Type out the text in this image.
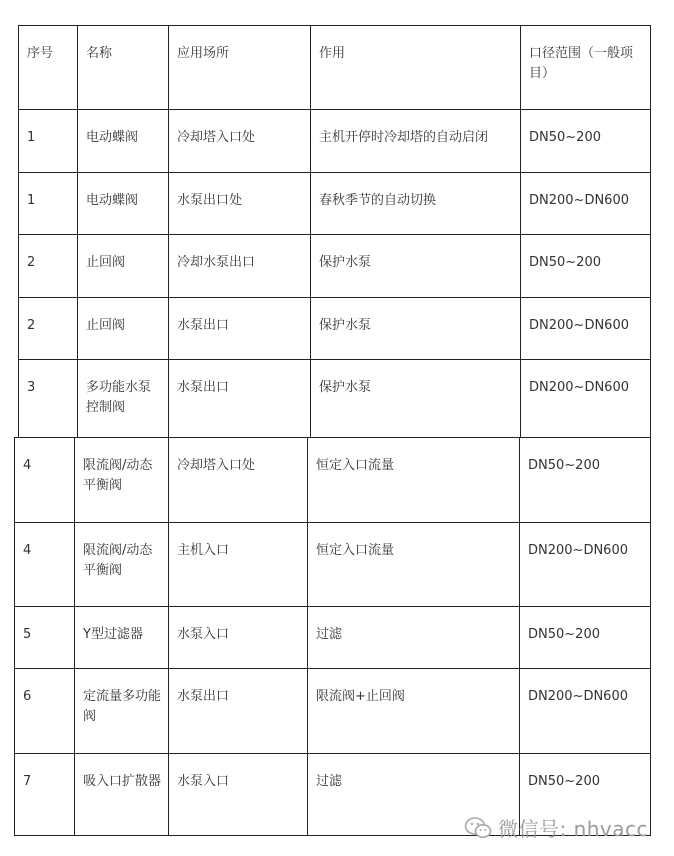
序号	名称	应用场所	作用	口径范围（一般项目）
1	电动蝶阀	冷却塔入口处	主机开停时冷却塔的自动启闭	DN50~200
1	电动蝶阀	水泵出口处	春秋季节的自动切换	DN200~DN600
2	止回阀	冷却水泵出口	保护水泵	DN50~200
2	止回阀	水泵出口	保护水泵	DN200~DN600
3	多功能水泵控制阀	水泵出口	保护水泵	DN200~DN600
4	限流阀/动态平衡阀	冷却塔入口处	恒定入口流量	DN50~200
4	限流阀/动态平衡阀	主机入口	恒定入口流量	DN200~DN600
5	Y型过滤器	水泵入口	过滤	DN50~200
6	定流量多功能阀	水泵出口	限流阀+止回阀	DN200~DN600
7	吸入口扩散器	水泵入口	过滤	DN50~200
微信号: nhvacc
